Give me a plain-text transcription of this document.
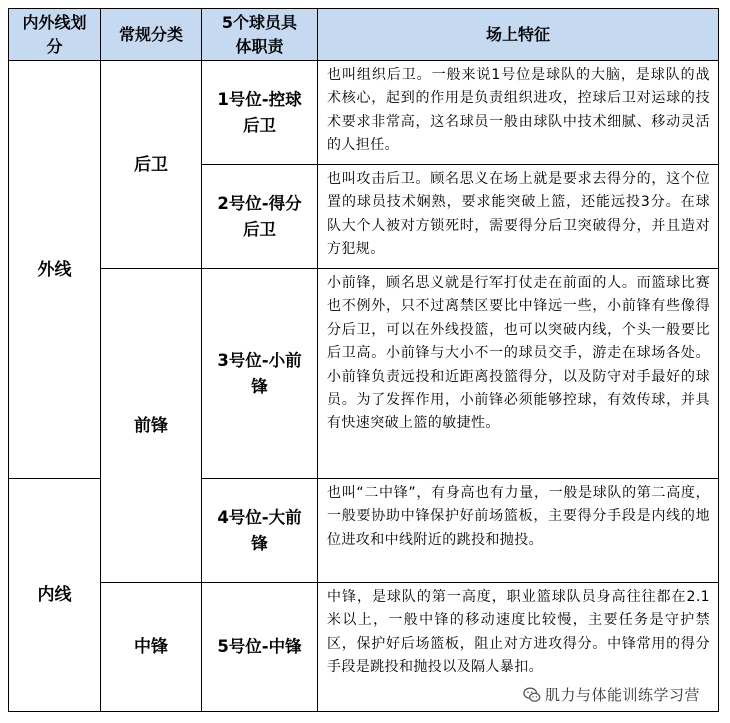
内外线划分
常规分类
5个球员具体职责
场上特征
外线
内线
后卫
前锋
中锋
1号位-控球后卫
2号位-得分后卫
3号位-小前锋
4号位-大前锋
5号位-中锋
也叫组织后卫。一般来说1号位是球队的大脑，是球队的战术核心，起到的作用是负责组织进攻，控球后卫对运球的技术要求非常高，这名球员一般由球队中技术细腻、移动灵活的人担任。
也叫攻击后卫。顾名思义在场上就是要求去得分的，这个位置的球员技术娴熟，要求能突破上篮，还能远投3分。在球队大个人被对方锁死时，需要得分后卫突破得分，并且造对方犯规。
小前锋，顾名思义就是行军打仗走在前面的人。而篮球比赛也不例外，只不过离禁区要比中锋远一些，小前锋有些像得分后卫，可以在外线投篮，也可以突破内线，个头一般要比后卫高。小前锋与大小不一的球员交手，游走在球场各处。小前锋负责远投和近距离投篮得分，以及防守对手最好的球员。为了发挥作用，小前锋必须能够控球，有效传球，并具有快速突破上篮的敏捷性。
也叫“二中锋”，有身高也有力量，一般是球队的第二高度，一般要协助中锋保护好前场篮板，主要得分手段是内线的地位进攻和中线附近的跳投和抛投。
中锋，是球队的第一高度，职业篮球队员身高往往都在2.1米以上，一般中锋的移动速度比较慢，主要任务是守护禁区，保护好后场篮板，阻止对方进攻得分。中锋常用的得分手段是跳投和抛投以及隔人暴扣。
肌力与体能训练学习营
